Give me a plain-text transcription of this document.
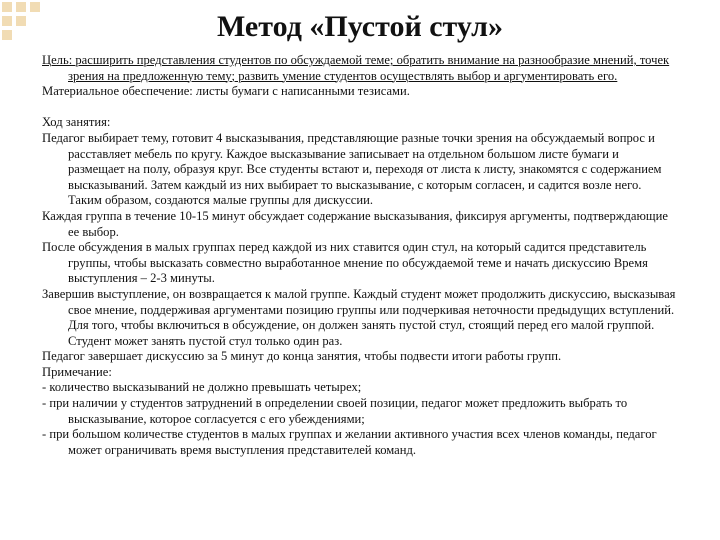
Метод «Пустой стул»

Цель: расширить представления студентов по обсуждаемой теме; обратить внимание на разнообразие мнений, точек зрения на предложенную тему; развить умение студентов осуществлять выбор и аргументировать его.

Материальное обеспечение: листы бумаги с написанными тезисами.

Ход занятия:

Педагог выбирает тему, готовит 4 высказывания, представляющие разные точки зрения на обсуждаемый вопрос и расставляет мебель по кругу. Каждое высказывание записывает на отдельном большом листе бумаги и размещает на полу, образуя круг. Все студенты встают и, переходя от листа к листу, знакомятся с содержанием высказываний. Затем каждый из них выбирает то высказывание, с которым согласен, и садится возле него. Таким образом, создаются малые группы для дискуссии.

Каждая группа в течение 10-15 минут обсуждает содержание высказывания, фиксируя аргументы, подтверждающие ее выбор.

После обсуждения в малых группах перед каждой из них ставится один стул, на который садится представитель группы, чтобы высказать совместно выработанное мнение по обсуждаемой теме и начать дискуссию Время выступления – 2-3 минуты.

Завершив выступление, он возвращается к малой группе. Каждый студент может продолжить дискуссию, высказывая свое мнение, поддерживая аргументами позицию группы или подчеркивая неточности предыдущих вступлений. Для того, чтобы включиться в обсуждение, он должен занять пустой стул, стоящий перед его малой группой. Студент может занять пустой стул только один раз.

Педагог завершает дискуссию за 5 минут до конца занятия, чтобы подвести итоги работы групп.

Примечание:

- количество высказываний не должно превышать четырех;

- при наличии у студентов затруднений в определении своей позиции, педагог может предложить выбрать то высказывание, которое согласуется с его убеждениями;

- при большом количестве студентов в малых группах и желании активного участия всех членов команды, педагог может ограничивать время выступления представителей команд.
